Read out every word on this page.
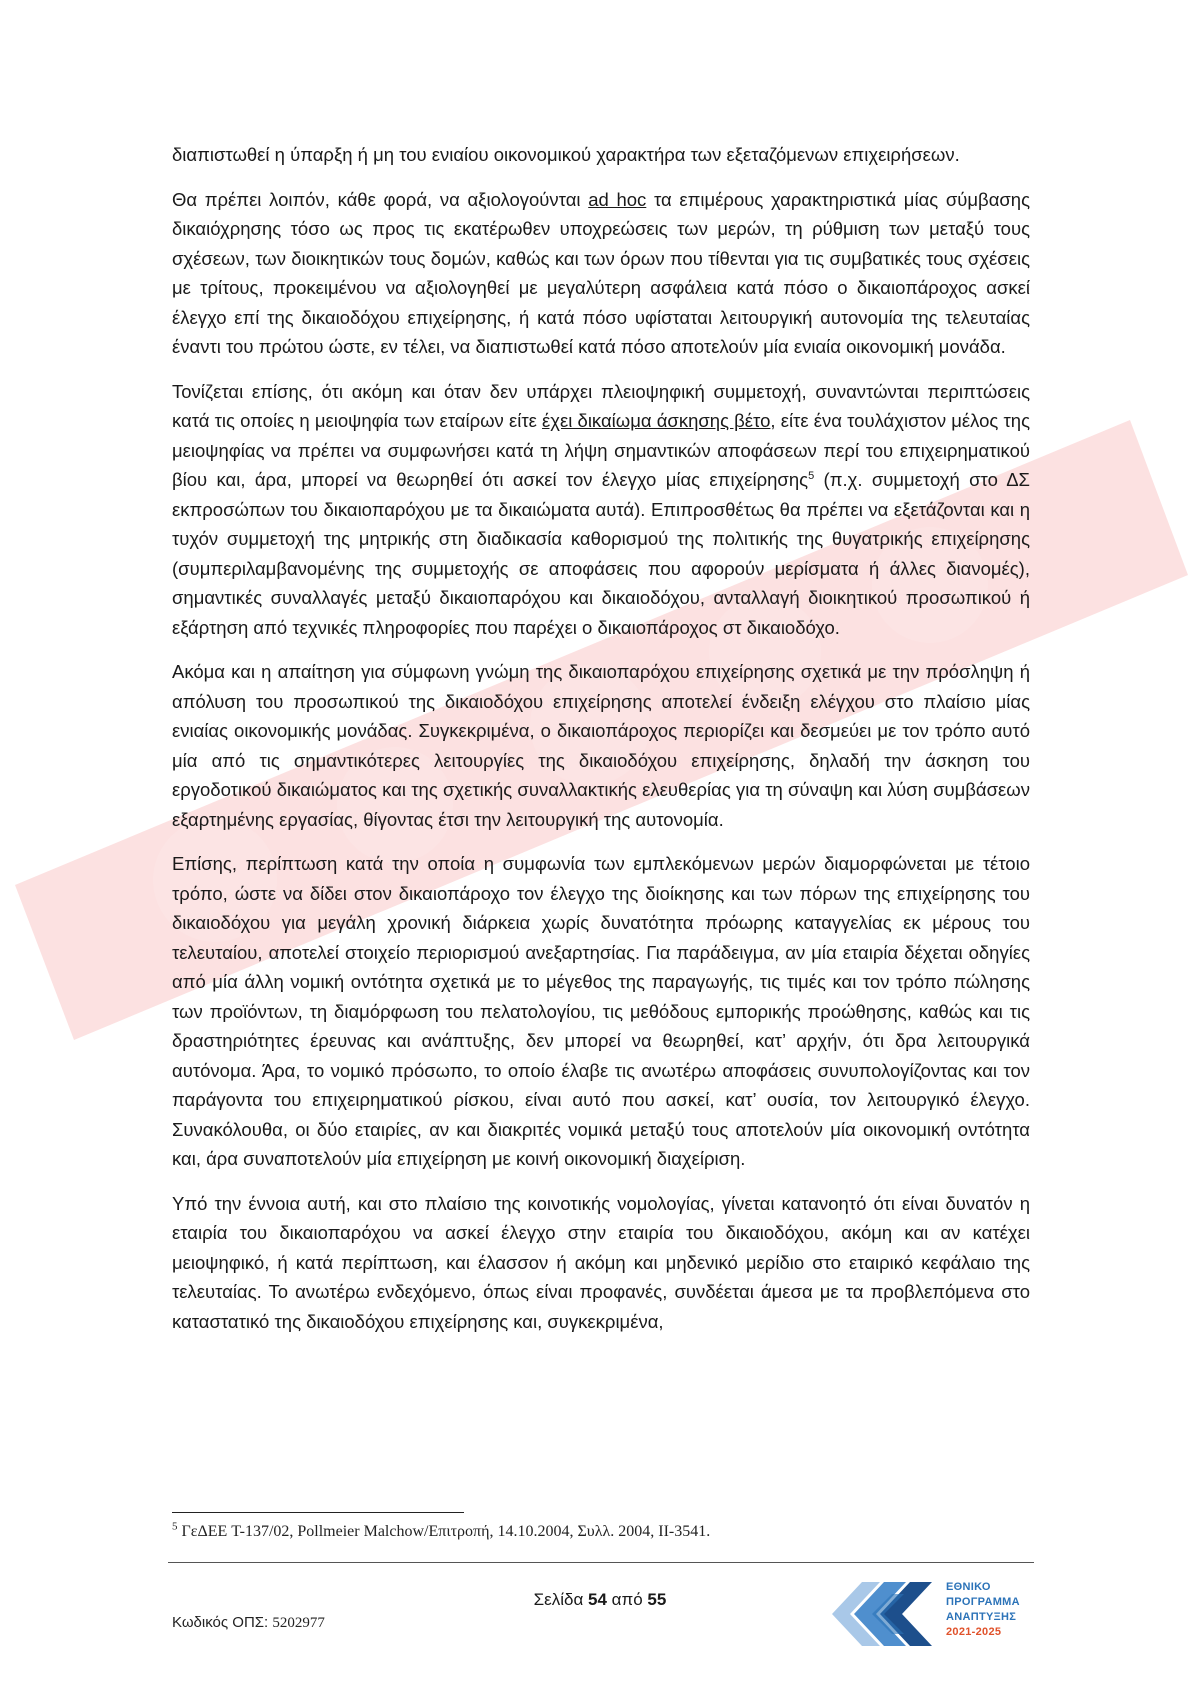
διαπιστωθεί η ύπαρξη ή μη του ενιαίου οικονομικού χαρακτήρα των εξεταζόμενων επιχειρήσεων.

Θα πρέπει λοιπόν, κάθε φορά, να αξιολογούνται ad hoc τα επιμέρους χαρακτηριστικά μίας σύμβασης δικαιόχρησης τόσο ως προς τις εκατέρωθεν υποχρεώσεις των μερών, τη ρύθμιση των μεταξύ τους σχέσεων, των διοικητικών τους δομών, καθώς και των όρων που τίθενται για τις συμβατικές τους σχέσεις με τρίτους, προκειμένου να αξιολογηθεί με μεγαλύτερη ασφάλεια κατά πόσο ο δικαιοπάροχος ασκεί έλεγχο επί της δικαιοδόχου επιχείρησης, ή κατά πόσο υφίσταται λειτουργική αυτονομία της τελευταίας έναντι του πρώτου ώστε, εν τέλει, να διαπιστωθεί κατά πόσο αποτελούν μία ενιαία οικονομική μονάδα.

Τονίζεται επίσης, ότι ακόμη και όταν δεν υπάρχει πλειοψηφική συμμετοχή, συναντώνται περιπτώσεις κατά τις οποίες η μειοψηφία των εταίρων είτε έχει δικαίωμα άσκησης βέτο, είτε ένα τουλάχιστον μέλος της μειοψηφίας να πρέπει να συμφωνήσει κατά τη λήψη σημαντικών αποφάσεων περί του επιχειρηματικού βίου και, άρα, μπορεί να θεωρηθεί ότι ασκεί τον έλεγχο μίας επιχείρησης$^5$ (π.χ. συμμετοχή στο ΔΣ εκπροσώπων του δικαιοπαρόχου με τα δικαιώματα αυτά). Επιπροσθέτως θα πρέπει να εξετάζονται και η τυχόν συμμετοχή της μητρικής στη διαδικασία καθορισμού της πολιτικής της θυγατρικής επιχείρησης (συμπεριλαμβανομένης της συμμετοχής σε αποφάσεις που αφορούν μερίσματα ή άλλες διανομές), σημαντικές συναλλαγές μεταξύ δικαιοπαρόχου και δικαιοδόχου, ανταλλαγή διοικητικού προσωπικού ή εξάρτηση από τεχνικές πληροφορίες που παρέχει ο δικαιοπάροχος στ δικαιοδόχο.

Ακόμα και η απαίτηση για σύμφωνη γνώμη της δικαιοπαρόχου επιχείρησης σχετικά με την πρόσληψη ή απόλυση του προσωπικού της δικαιοδόχου επιχείρησης αποτελεί ένδειξη ελέγχου στο πλαίσιο μίας ενιαίας οικονομικής μονάδας. Συγκεκριμένα, ο δικαιοπάροχος περιορίζει και δεσμεύει με τον τρόπο αυτό μία από τις σημαντικότερες λειτουργίες της δικαιοδόχου επιχείρησης, δηλαδή την άσκηση του εργοδοτικού δικαιώματος και της σχετικής συναλλακτικής ελευθερίας για τη σύναψη και λύση συμβάσεων εξαρτημένης εργασίας, θίγοντας έτσι την λειτουργική της αυτονομία.

Επίσης, περίπτωση κατά την οποία η συμφωνία των εμπλεκόμενων μερών διαμορφώνεται με τέτοιο τρόπο, ώστε να δίδει στον δικαιοπάροχο τον έλεγχο της διοίκησης και των πόρων της επιχείρησης του δικαιοδόχου για μεγάλη χρονική διάρκεια χωρίς δυνατότητα πρόωρης καταγγελίας εκ μέρους του τελευταίου, αποτελεί στοιχείο περιορισμού ανεξαρτησίας. Για παράδειγμα, αν μία εταιρία δέχεται οδηγίες από μία άλλη νομική οντότητα σχετικά με το μέγεθος της παραγωγής, τις τιμές και τον τρόπο πώλησης των προϊόντων, τη διαμόρφωση του πελατολογίου, τις μεθόδους εμπορικής προώθησης, καθώς και τις δραστηριότητες έρευνας και ανάπτυξης, δεν μπορεί να θεωρηθεί, κατ’ αρχήν, ότι δρα λειτουργικά αυτόνομα. Άρα, το νομικό πρόσωπο, το οποίο έλαβε τις ανωτέρω αποφάσεις συνυπολογίζοντας και τον παράγοντα του επιχειρηματικού ρίσκου, είναι αυτό που ασκεί, κατ’ ουσία, τον λειτουργικό έλεγχο. Συνακόλουθα, οι δύο εταιρίες, αν και διακριτές νομικά μεταξύ τους αποτελούν μία οικονομική οντότητα και, άρα συναποτελούν μία επιχείρηση με κοινή οικονομική διαχείριση.

Υπό την έννοια αυτή, και στο πλαίσιο της κοινοτικής νομολογίας, γίνεται κατανοητό ότι είναι δυνατόν η εταιρία του δικαιοπαρόχου να ασκεί έλεγχο στην εταιρία του δικαιοδόχου, ακόμη και αν κατέχει μειοψηφικό, ή κατά περίπτωση, και έλασσον ή ακόμη και μηδενικό μερίδιο στο εταιρικό κεφάλαιο της τελευταίας. Το ανωτέρω ενδεχόμενο, όπως είναι προφανές, συνδέεται άμεσα με τα προβλεπόμενα στο καταστατικό της δικαιοδόχου επιχείρησης και, συγκεκριμένα,

$^5$ ΓεΔΕΕ T-137/02, Pollmeier Malchow/Επιτροπή, 14.10.2004, Συλλ. 2004, II-3541.
Σελίδα 54 από 55
Κωδικός ΟΠΣ: 5202977
ΕΘΝΙΚΟ
ΠΡΟΓΡΑΜΜΑ
ΑΝΑΠΤΥΞΗΣ
2021-2025
